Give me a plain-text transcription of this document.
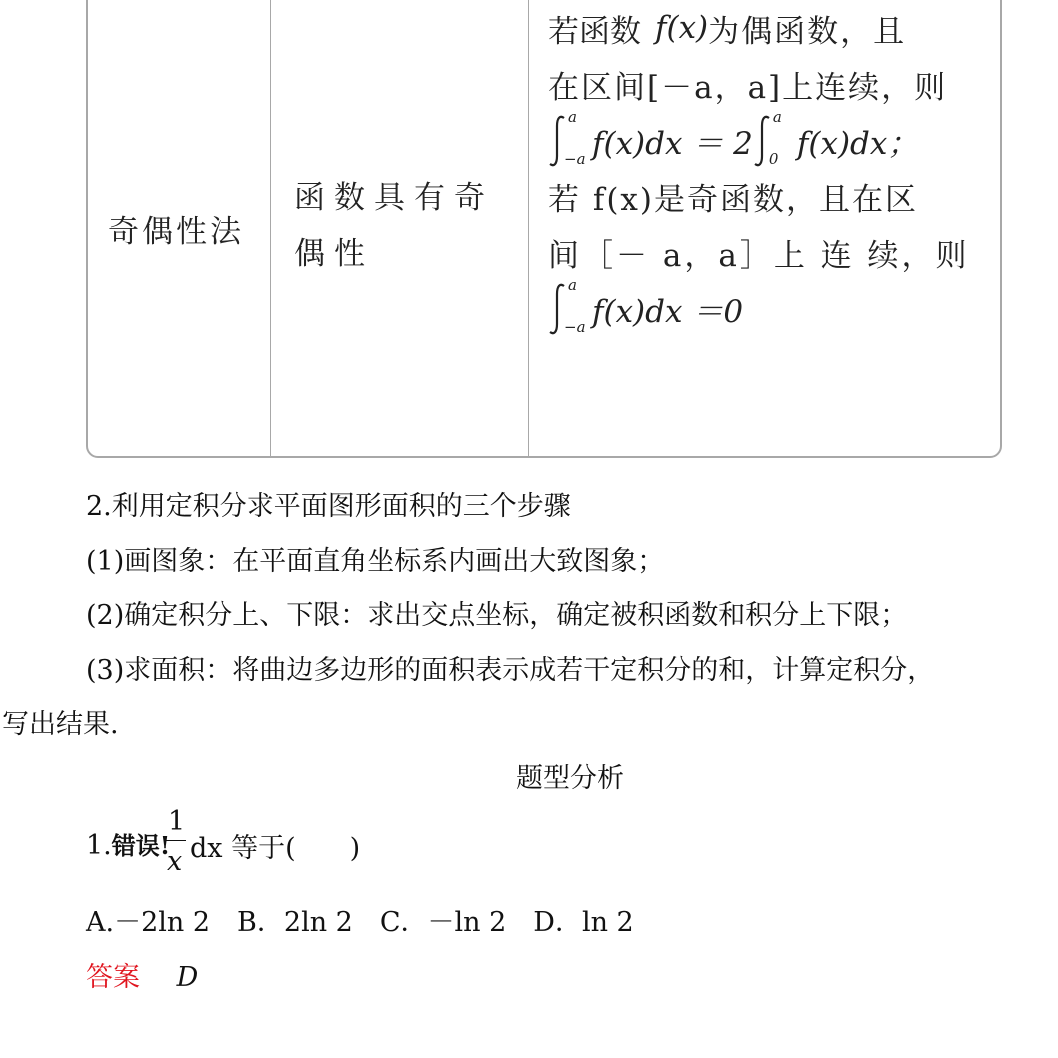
奇偶性法
函数具有奇偶性
若函数 f (x) 为偶函数，且
在区间[－a，a]上连续，则
a
−a f(x)dx ＝ 2
a
0 f(x)dx；
若 f(x)是奇函数，且在区
间［－ a，a］上 连 续，则
a
−a f(x)dx ＝0
2.利用定积分求平面图形面积的三个步骤
(1)画图象：在平面直角坐标系内画出大致图象；
(2)确定积分上、下限：求出交点坐标，确定被积函数和积分上下限；
(3)求面积：将曲边多边形的面积表示成若干定积分的和，计算定积分，
写出结果.
题型分析
1.错误!
1
x dx 等于(　　)
A.－2ln 2　B．2ln 2　C．－ln 2　D．ln 2
答案 D
